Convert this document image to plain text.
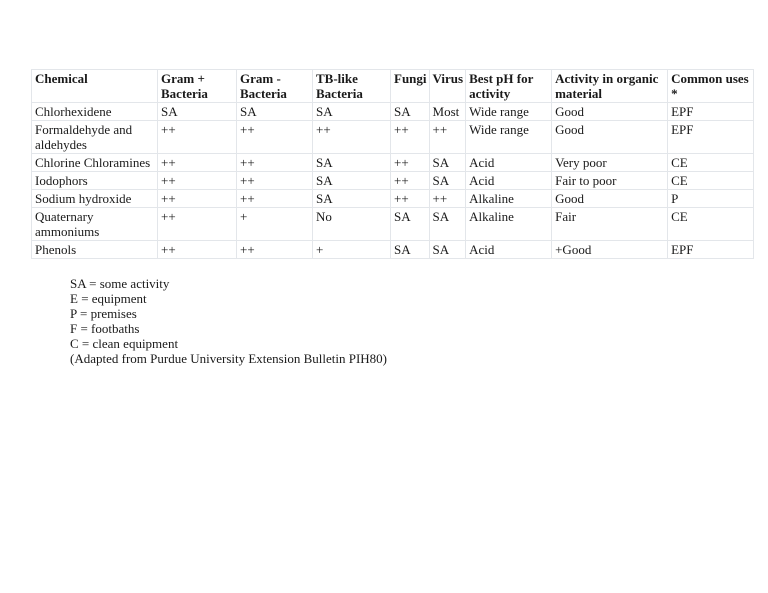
Chemical	Gram + Bacteria	Gram - Bacteria	TB-like Bacteria	Fungi	Virus	Best pH for activity	Activity in organic material	Common uses *
Chlorhexidene	SA	SA	SA	SA	Most	Wide range	Good	EPF
Formaldehyde and aldehydes	++	++	++	++	++	Wide range	Good	EPF
Chlorine Chloramines	++	++	SA	++	SA	Acid	Very poor	CE
Iodophors	++	++	SA	++	SA	Acid	Fair to poor	CE
Sodium hydroxide	++	++	SA	++	++	Alkaline	Good	P
Quaternary ammoniums	++	+	No	SA	SA	Alkaline	Fair	CE
Phenols	++	++	+	SA	SA	Acid	+Good	EPF
SA = some activity
E = equipment
P = premises
F = footbaths
C = clean equipment
(Adapted from Purdue University Extension Bulletin PIH80)
